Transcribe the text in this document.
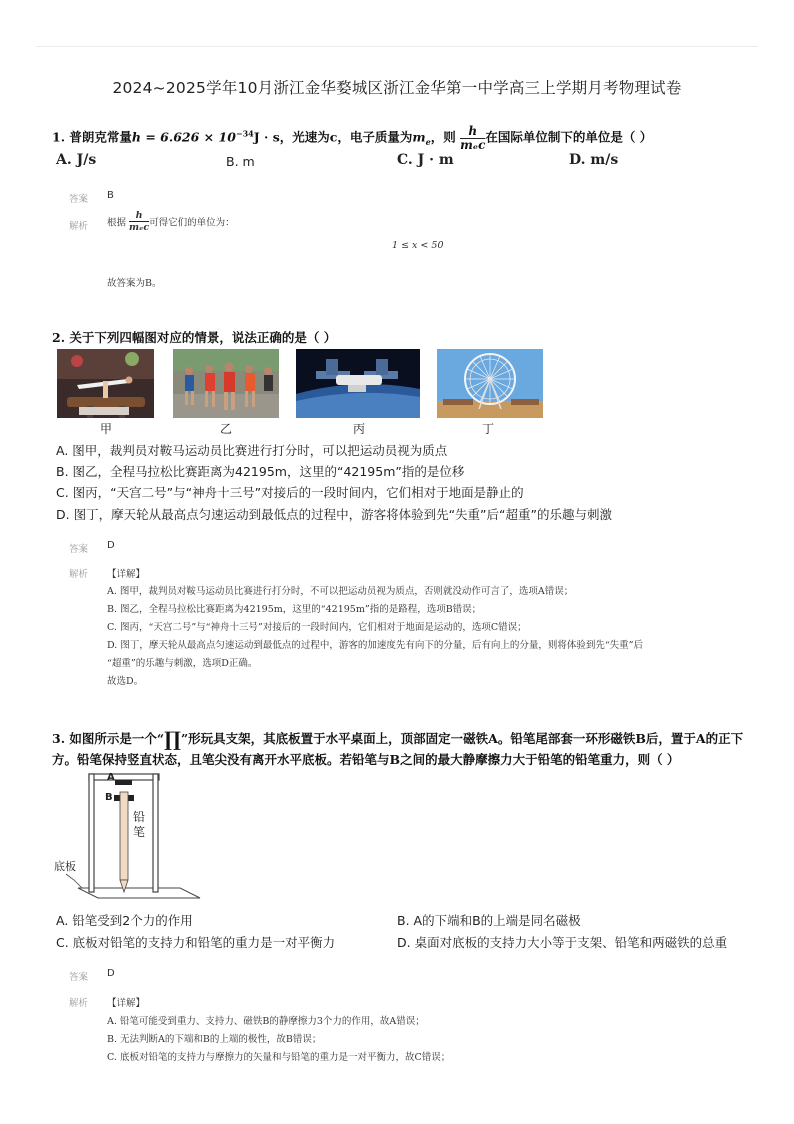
2024~2025学年10月浙江金华婺城区浙江金华第一中学高三上学期月考物理试卷
1. 普朗克常量$h = 6.626 \times 10^{-34}J \cdot s$，光速为c，电子质量为$m_e$，则 $\frac{h}{\text{mₑc}}$ 在国际单位制下的单位是（ ）
A. J/s	B. m	C. J · m	D. m/s
答案 B
解析 根据 $\frac{h}{\text{mₑc}}$ 可得它们的单位为：
1 ≤ x < 50
故答案为B。
2. 关于下列四幅图对应的情景，说法正确的是（ ）
甲	乙	丙	丁
A. 图甲，裁判员对鞍马运动员比赛进行打分时，可以把运动员视为质点
B. 图乙，全程马拉松比赛距离为42195m，这里的“42195m”指的是位移
C. 图丙，“天宫二号”与“神舟十三号”对接后的一段时间内，它们相对于地面是静止的
D. 图丁，摩天轮从最高点匀速运动到最低点的过程中，游客将体验到先“失重”后“超重”的乐趣与刺激
答案 D
解析 【详解】
A. 图甲，裁判员对鞍马运动员比赛进行打分时，不可以把运动员视为质点，否则就没动作可言了，选项A错误；
B. 图乙，全程马拉松比赛距离为42195m，这里的“42195m”指的是路程，选项B错误；
C. 图丙，“天宫二号”与“神舟十三号”对接后的一段时间内，它们相对于地面是运动的，选项C错误；
D. 图丁，摩天轮从最高点匀速运动到最低点的过程中，游客的加速度先有向下的分量，后有向上的分量，则将体验到先“失重”后
“超重”的乐趣与刺激，选项D正确。
故选D。
3. 如图所示是一个“∏”形玩具支架，其底板置于水平桌面上，顶部固定一磁铁A。铅笔尾部套一环形磁铁B后，置于A的正下
方。铅笔保持竖直状态，且笔尖没有离开水平底板。若铅笔与B之间的最大静摩擦力大于铅笔的铅笔重力，则（ ）
A
B
铅
笔
底板
A. 铅笔受到2个力的作用	B. A的下端和B的上端是同名磁极
C. 底板对铅笔的支持力和铅笔的重力是一对平衡力	D. 桌面对底板的支持力大小等于支架、铅笔和两磁铁的总重
答案 D
解析 【详解】
A. 铅笔可能受到重力、支持力、磁铁B的静摩擦力3个力的作用，故A错误；
B. 无法判断A的下端和B的上端的极性，故B错误；
C. 底板对铅笔的支持力与摩擦力的矢量和与铅笔的重力是一对平衡力，故C错误；
